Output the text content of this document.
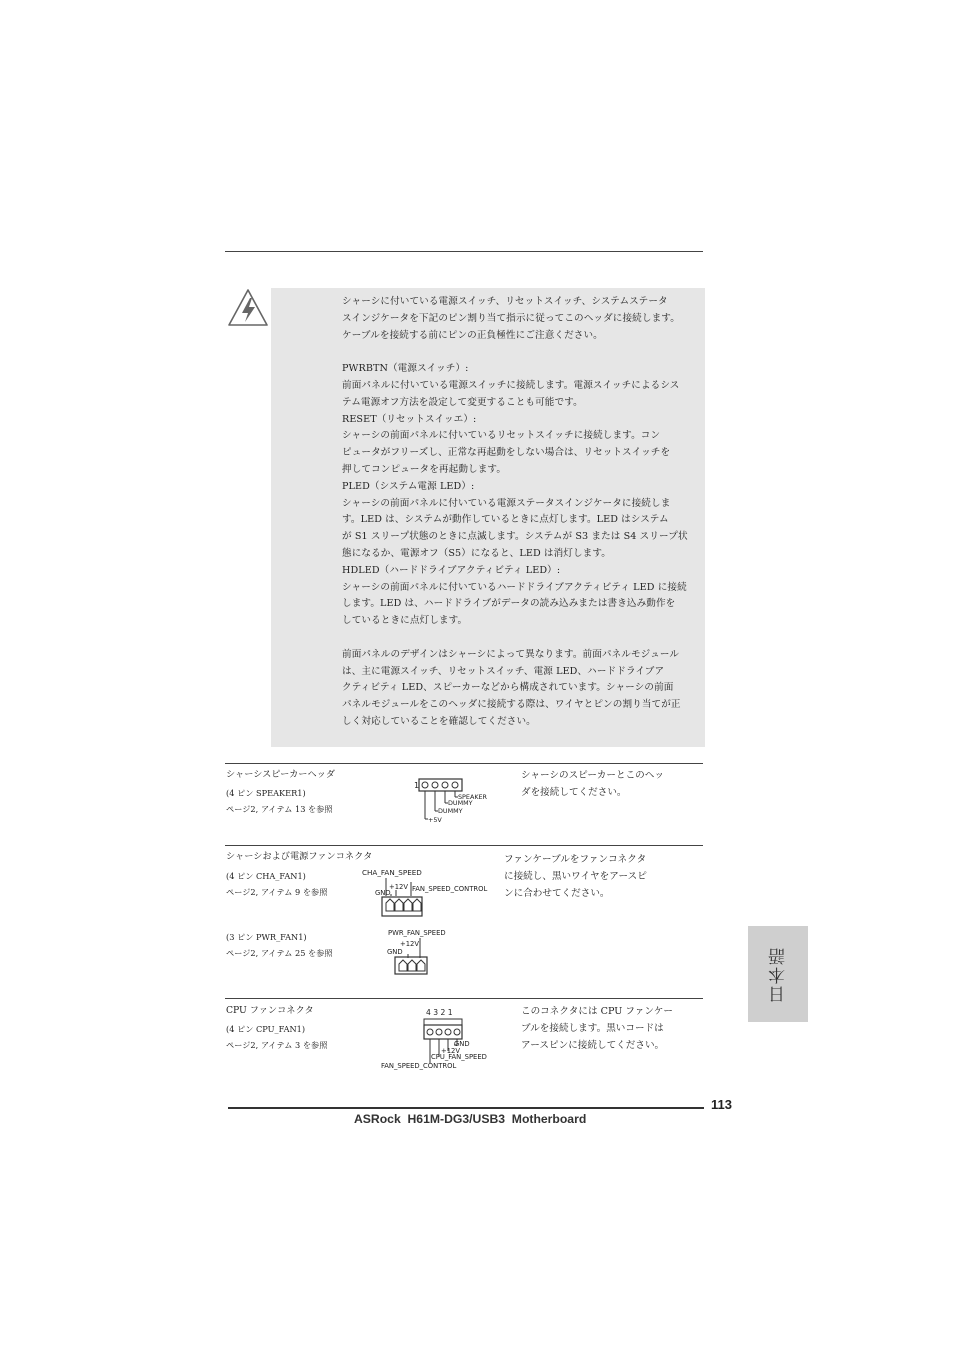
シャーシに付いている電源スイッチ、リセットスイッチ、システムステータ
スインジケータを下記のピン割り当て指示に従ってこのヘッダに接続します。
ケーブルを接続する前にピンの正負極性にご注意ください。

PWRBTN（電源スイッチ）:
前面パネルに付いている電源スイッチに接続します。電源スイッチによるシス
テム電源オフ方法を設定して変更することも可能です。
RESET（リセットスイッエ）:
シャーシの前面パネルに付いているリセットスイッチに接続します。コン
ピュータがフリーズし、正常な再起動をしない場合は、リセットスイッチを
押してコンピュータを再起動します。
PLED（システム電源 LED）:
シャーシの前面パネルに付いている電源ステータスインジケータに接続しま
す。LED は、システムが動作しているときに点灯します。LED はシステム
が S1 スリープ状態のときに点滅します。システムが S3 または S4 スリープ状
態になるか、電源オフ（S5）になると、LED は消灯します。
HDLED（ハードドライブアクティビティ LED）:
シャーシの前面パネルに付いているハードドライブアクティビティ LED に接続
します。LED は、ハードドライブがデータの読み込みまたは書き込み動作を
しているときに点灯します。

前面パネルのデザインはシャーシによって異なります。前面パネルモジュール
は、主に電源スイッチ、リセットスイッチ、電源 LED、ハードドライブア
クティビティ LED、スピーカーなどから構成されています。シャーシの前面
パネルモジュールをこのヘッダに接続する際は、ワイヤとピンの割り当てが正
しく対応していることを確認してください。
シャーシスピーカーヘッダ
(4 ピン SPEAKER1)
ページ2, アイテム 13 を参照
1
SPEAKER
DUMMY
DUMMY
+5V
シャーシのスピーカーとこのヘッ
ダを接続してください。
シャーシおよび電源ファンコネクタ
(4 ピン CHA_FAN1)
ページ2, アイテム 9 を参照
CHA_FAN_SPEED
+12V
GND	FAN_SPEED_CONTROL
ファンケーブルをファンコネクタ
に接続し、黒いワイヤをアースピ
ンに合わせてください。
(3 ピン PWR_FAN1)
ページ2, アイテム 25 を参照
PWR_FAN_SPEED
+12V
GND
CPU ファンコネクタ
(4 ピン CPU_FAN1)
ページ2, アイテム 3 を参照
4 3 2 1
GND
+12V
CPU_FAN_SPEED
FAN_SPEED_CONTROL
このコネクタには CPU ファンケー
ブルを接続します。黒いコードは
アースピンに接続してください。
日本語
113
ASRock  H61M-DG3/USB3  Motherboard
